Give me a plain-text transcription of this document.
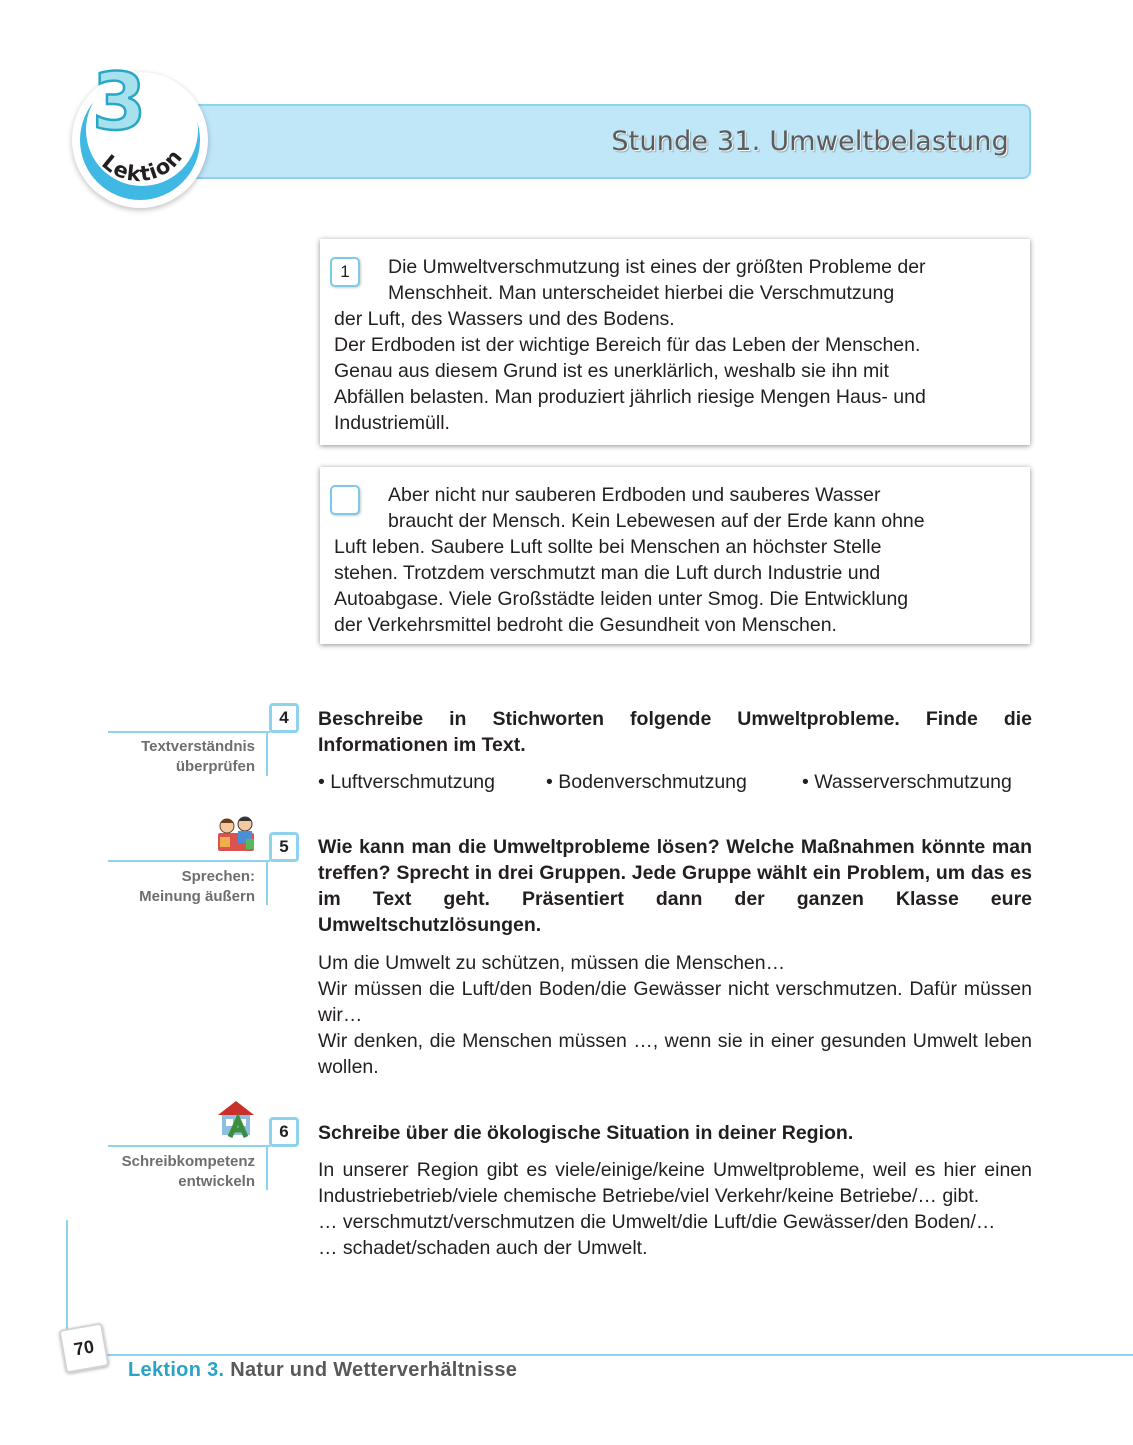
Stunde 31. Umweltbelastung
3
Lektion
1	Die Umweltverschmutzung ist eines der größten Probleme der
Menschheit. Man unterscheidet hierbei die Verschmutzung
der Luft, des Wassers und des Bodens.
Der Erdboden ist der wichtige Bereich für das Leben der Menschen.
Genau aus diesem Grund ist es unerklärlich, weshalb sie ihn mit
Abfällen belasten. Man produziert jährlich riesige Mengen Haus- und
Industriemüll.
Aber nicht nur sauberen Erdboden und sauberes Wasser
braucht der Mensch. Kein Lebewesen auf der Erde kann ohne
Luft leben. Saubere Luft sollte bei Menschen an höchster Stelle
stehen. Trotzdem verschmutzt man die Luft durch Industrie und
Autoabgase. Viele Großstädte leiden unter Smog. Die Entwicklung
der Verkehrsmittel bedroht die Gesundheit von Menschen.
4
Textverständnis
überprüfen
Beschreibe in Stichworten folgende Umweltprobleme. Finde die Informationen im Text.
• Luftverschmutzung	• Bodenverschmutzung	• Wasserverschmutzung
5
Sprechen:
Meinung äußern
Wie kann man die Umweltprobleme lösen? Welche Maßnahmen könnte man treffen? Sprecht in drei Gruppen. Jede Gruppe wählt ein Problem, um das es im Text geht. Präsentiert dann der ganzen Klasse eure Umweltschutzlösungen.
Um die Umwelt zu schützen, müssen die Menschen…
Wir müssen die Luft/den Boden/die Gewässer nicht verschmutzen. Dafür müssen wir…
Wir denken, die Menschen müssen …, wenn sie in einer gesunden Umwelt leben wollen.
6
Schreibkompetenz
entwickeln
Schreibe über die ökologische Situation in deiner Region.
In unserer Region gibt es viele/einige/keine Umweltprobleme, weil es hier einen Industriebetrieb/viele chemische Betriebe/viel Verkehr/keine Betriebe/… gibt.
… verschmutzt/verschmutzen die Umwelt/die Luft/die Gewässer/den Boden/…
… schadet/schaden auch der Umwelt.
70
Lektion 3. Natur und Wetterverhältnisse
